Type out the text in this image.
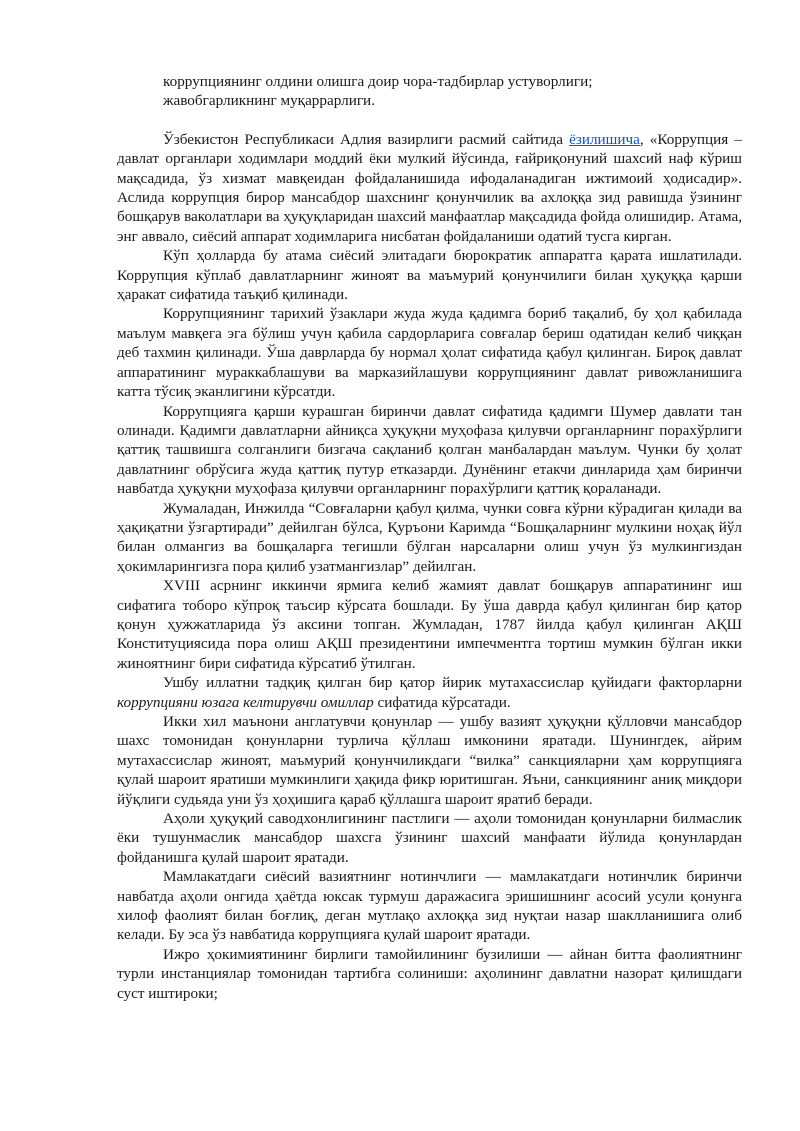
коррупциянинг олдини олишга доир чора-тадбирлар устуворлиги;
жавобгарликнинг муқаррарлиги.

Ўзбекистон Республикаси Адлия вазирлиги расмий сайтида ёзилишича, «Коррупция – давлат органлари ходимлари моддий ёки мулкий йўсинда, ғайриқонуний шахсий наф кўриш мақсадида, ўз хизмат мавқеидан фойдаланишида ифодаланадиган ижтимоий ҳодисадир». Аслида коррупция бирор мансабдор шахснинг қонунчилик ва ахлоққа зид равишда ўзининг бошқарув ваколатлари ва ҳуқуқларидан шахсий манфаатлар мақсадида фойда олишидир. Атама, энг аввало, сиёсий аппарат ходимларига нисбатан фойдаланиши одатий тусга кирган.

Кўп ҳолларда бу атама сиёсий элитадаги бюрократик аппаратга қарата ишлатилади. Коррупция кўплаб давлатларнинг жиноят ва маъмурий қонунчилиги билан ҳуқуққа қарши ҳаракат сифатида таъқиб қилинади.

Коррупциянинг тарихий ўзаклари жуда жуда қадимга бориб тақалиб, бу ҳол қабилада маълум мавқега эга бўлиш учун қабила сардорларига совғалар бериш одатидан келиб чиққан деб тахмин қилинади. Ўша даврларда бу нормал ҳолат сифатида қабул қилинган. Бироқ давлат аппаратининг мураккаблашуви ва марказийлашуви коррупциянинг давлат ривожланишига катта тўсиқ эканлигини кўрсатди.

Коррупцияга қарши курашган биринчи давлат сифатида қадимги Шумер давлати тан олинади. Қадимги давлатларни айниқса ҳуқуқни муҳофаза қилувчи органларнинг порахўрлиги қаттиқ ташвишга солганлиги бизгача сақланиб қолган манбалардан маълум. Чунки бу ҳолат давлатнинг обрўсига жуда қаттиқ путур етказарди. Дунёнинг етакчи динларида ҳам биринчи навбатда ҳуқуқни муҳофаза қилувчи органларнинг порахўрлиги қаттиқ қораланади.

Жумаладан, Инжилда “Совғаларни қабул қилма, чунки совға кўрни кўрадиган қилади ва ҳақиқатни ўзгартиради” дейилган бўлса, Қуръони Каримда “Бошқаларнинг мулкини ноҳақ йўл билан олмангиз ва бошқаларга тегишли бўлган нарсаларни олиш учун ўз мулкингиздан ҳокимларингизга пора қилиб узатмангизлар” дейилган.

XVIII асрнинг иккинчи ярмига келиб жамият давлат бошқарув аппаратининг иш сифатига тоборо кўпроқ таъсир кўрсата бошлади. Бу ўша даврда қабул қилинган бир қатор қонун ҳужжатларида ўз аксини топган. Жумладан, 1787 йилда қабул қилинган АҚШ Конституциясида пора олиш АҚШ президентини импечментга тортиш мумкин бўлган икки жиноятнинг бири сифатида кўрсатиб ўтилган.

Ушбу иллатни тадқиқ қилган бир қатор йирик мутахассислар қуйидаги факторларни коррупцияни юзага келтирувчи омиллар сифатида кўрсатади.

Икки хил маънони англатувчи қонунлар — ушбу вазият ҳуқуқни қўлловчи мансабдор шахс томонидан қонунларни турлича қўллаш имконини яратади. Шунингдек, айрим мутахассислар жиноят, маъмурий қонунчиликдаги “вилка” санкцияларни ҳам коррупцияга қулай шароит яратиши мумкинлиги ҳақида фикр юритишган. Яъни, санкциянинг аниқ миқдори йўқлиги судьяда уни ўз ҳоҳишига қараб қўллашга шароит яратиб беради.

Аҳоли ҳуқуқий саводхонлигининг пастлиги — аҳоли томонидан қонунларни билмаслик ёки тушунмаслик мансабдор шахсга ўзининг шахсий манфаати йўлида қонунлардан фойданишга қулай шароит яратади.

Мамлакатдаги сиёсий вазиятнинг нотинчлиги — мамлакатдаги нотинчлик биринчи навбатда аҳоли онгида ҳаётда юксак турмуш даражасига эришишнинг асосий усули қонунга хилоф фаолият билан боғлиқ, деган мутлақо ахлоққа зид нуқтаи назар шаклланишига олиб келади. Бу эса ўз навбатида коррупцияга қулай шароит яратади.

Ижро ҳокимиятининг бирлиги тамойилининг бузилиши — айнан битта фаолиятнинг турли инстанциялар томонидан тартибга солиниши: аҳолининг давлатни назорат қилишдаги суст иштироки;
